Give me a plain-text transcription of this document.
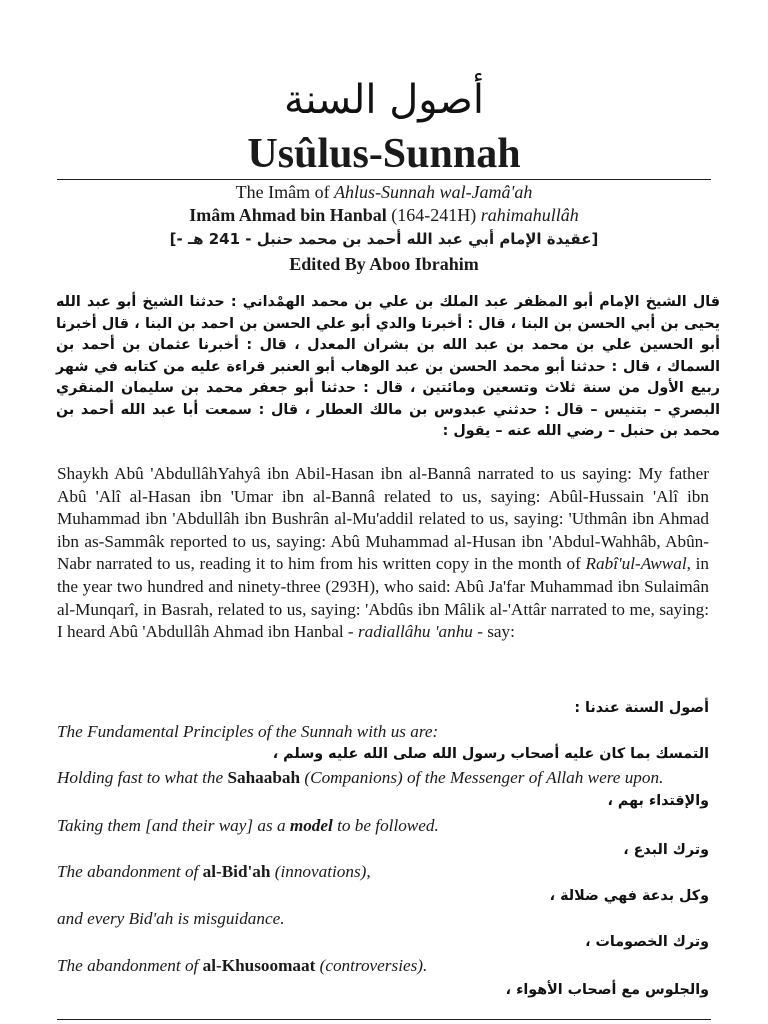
أصول السنة
Usûlus-Sunnah
The Imâm of Ahlus-Sunnah wal-Jamâ'ah
Imâm Ahmad bin Hanbal (164-241H) rahimahullâh
[عقيدة الإمام أبي عبد الله أحمد بن محمد حنبل - 241 هـ -]
Edited By Aboo Ibrahim
قال الشيخ الإمام أبو المظفر عبد الملك بن علي بن محمد الهمْداني : حدثنا الشيخ أبو عبد الله يحيى بن أبي الحسن بن البنا ، قال : أخبرنا والدي أبو علي الحسن بن احمد بن البنا ، قال أخبرنا أبو الحسين علي بن محمد بن عبد الله بن بشران المعدل ، قال : أخبرنا عثمان بن أحمد بن السماك ، قال : حدثنا أبو محمد الحسن بن عبد الوهاب أبو العنبر قراءة عليه من كتابه في شهر ربيع الأول من سنة ثلاث وتسعين ومائتين ، قال : حدثنا أبو جعفر محمد بن سليمان المنقري البصري – بتنيس – قال : حدثني عبدوس بن مالك العطار ، قال : سمعت أبا عبد الله أحمد بن محمد بن حنبل – رضي الله عنه – يقول :
Shaykh Abû 'AbdullâhYahyâ ibn Abil-Hasan ibn al-Bannâ narrated to us saying: My father Abû 'Alî al-Hasan ibn 'Umar ibn al-Bannâ related to us, saying: Abûl-Hussain 'Alî ibn Muhammad ibn 'Abdullâh ibn Bushrân al-Mu'addil related to us, saying: 'Uthmân ibn Ahmad ibn as-Sammâk reported to us, saying: Abû Muhammad al-Husan ibn 'Abdul-Wahhâb, Abûn-Nabr narrated to us, reading it to him from his written copy in the month of Rabî'ul-Awwal, in the year two hundred and ninety-three (293H), who said: Abû Ja'far Muhammad ibn Sulaimân al-Munqarî, in Basrah, related to us, saying: 'Abdûs ibn Mâlik al-'Attâr narrated to me, saying: I heard Abû 'Abdullâh Ahmad ibn Hanbal - radiallâhu 'anhu - say:
أصول السنة عندنا :
The Fundamental Principles of the Sunnah with us are:
التمسك بما كان عليه أصحاب رسول الله صلى الله عليه وسلم ،
Holding fast to what the Sahaabah (Companions) of the Messenger of Allah were upon.
والإقتداء بهم ،
Taking them [and their way] as a model to be followed.
وترك البدع ،
The abandonment of al-Bid'ah (innovations),
وكل بدعة فهي ضلالة ،
and every Bid'ah is misguidance.
وترك الخصومات ،
The abandonment of al-Khusoomaat (controversies).
والجلوس مع أصحاب الأهواء ،
